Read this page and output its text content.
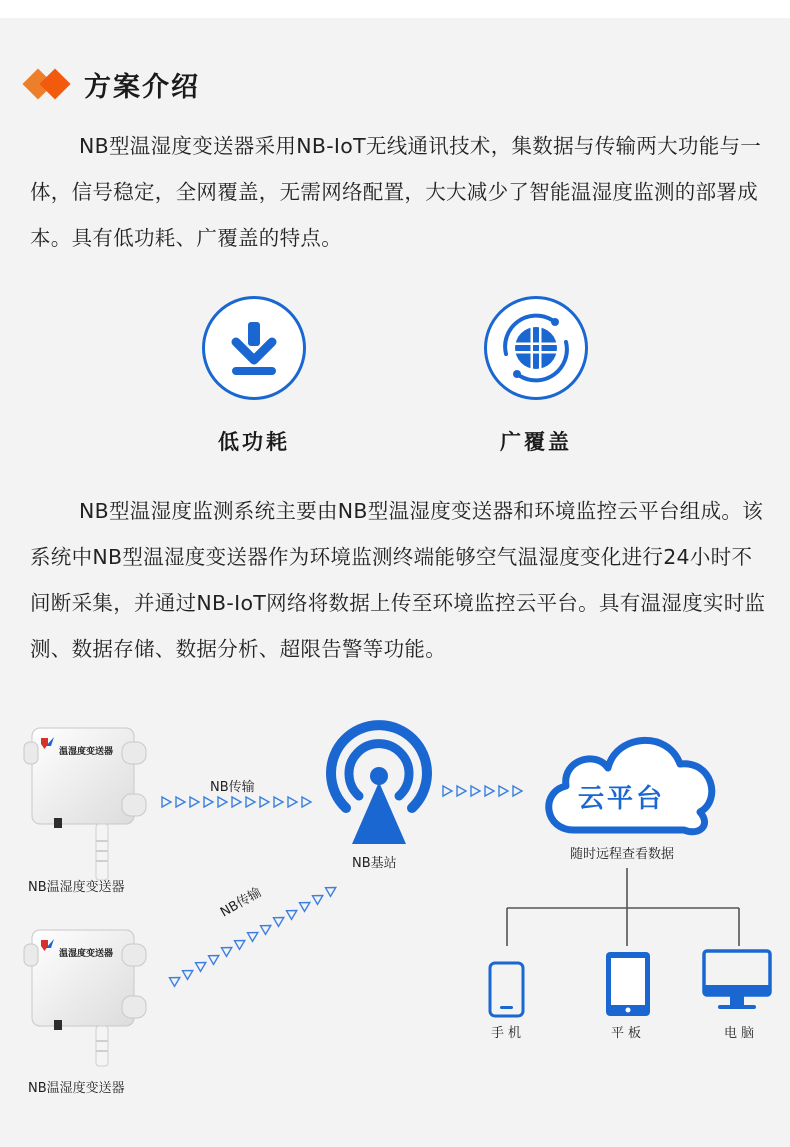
方案介绍

NB型温湿度变送器采用NB-IoT无线通讯技术，集数据与传输两大功能与一体，信号稳定，全网覆盖，无需网络配置，大大减少了智能温湿度监测的部署成本。具有低功耗、广覆盖的特点。

低功耗	广覆盖

NB型温湿度监测系统主要由NB型温湿度变送器和环境监控云平台组成。该系统中NB型温湿度变送器作为环境监测终端能够空气温湿度变化进行24小时不间断采集，并通过NB-IoT网络将数据上传至环境监控云平台。具有温湿度实时监测、数据存储、数据分析、超限告警等功能。

温湿度变送器
温湿度变送器
NB温湿度变送器
NB温湿度变送器
NB传输
NB传输
NB基站
云平台
随时远程查看数据
手机	平板	电脑
